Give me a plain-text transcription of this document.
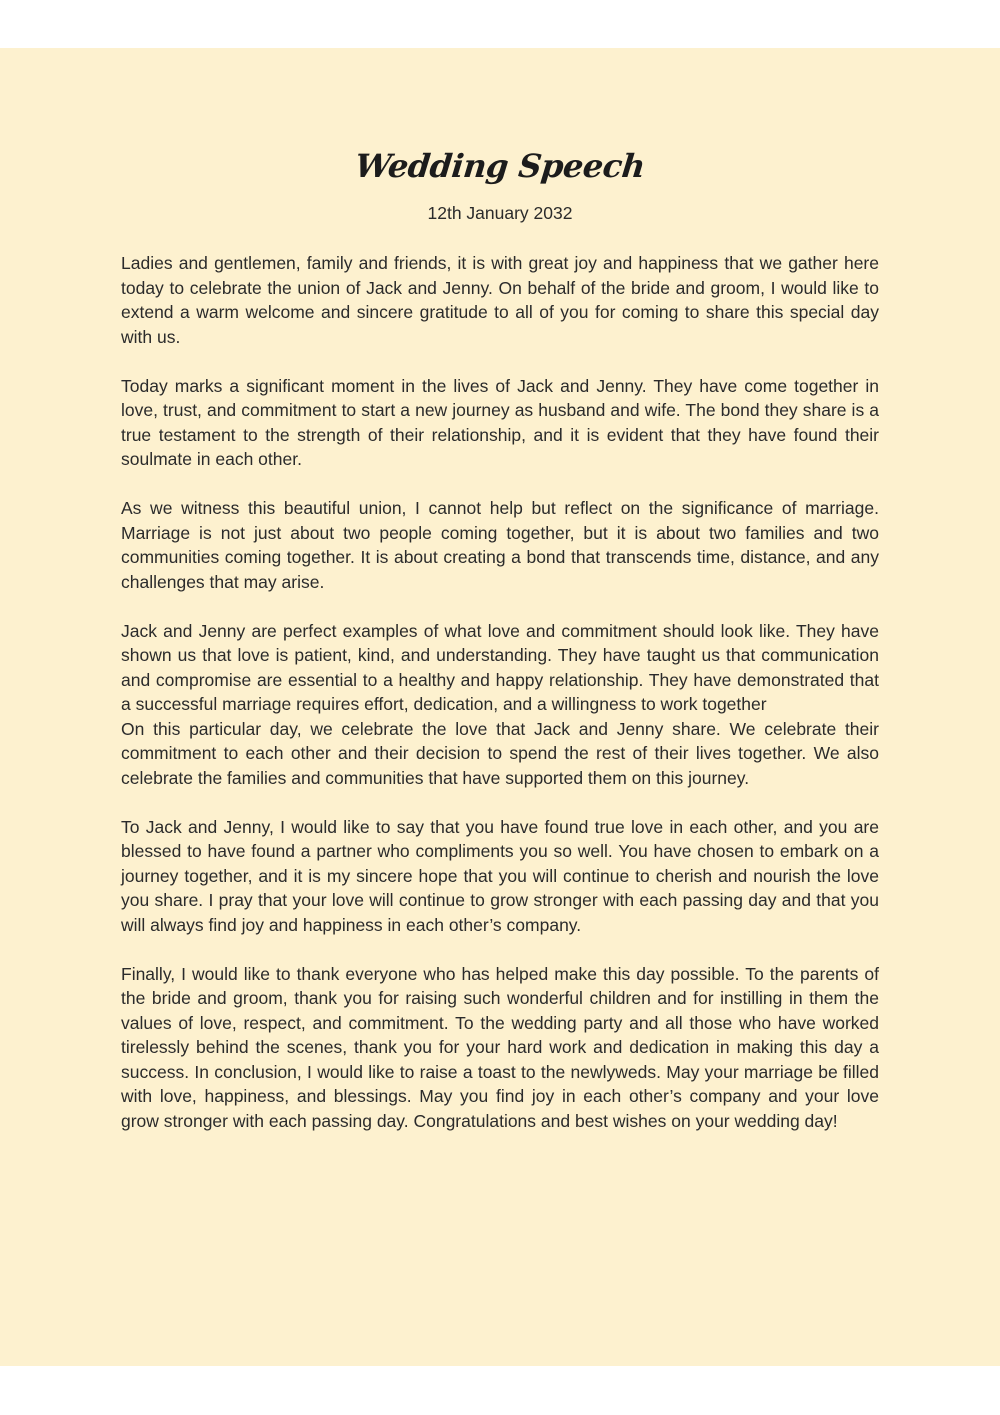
Wedding Speech
12th January 2032

Ladies and gentlemen, family and friends, it is with great joy and happiness that we gather here today to celebrate the union of Jack and Jenny. On behalf of the bride and groom, I would like to extend a warm welcome and sincere gratitude to all of you for coming to share this special day with us.

Today marks a significant moment in the lives of Jack and Jenny. They have come together in love, trust, and commitment to start a new journey as husband and wife. The bond they share is a true testament to the strength of their relationship, and it is evident that they have found their soulmate in each other.

As we witness this beautiful union, I cannot help but reflect on the significance of marriage. Marriage is not just about two people coming together, but it is about two families and two communities coming together. It is about creating a bond that transcends time, distance, and any challenges that may arise.

Jack and Jenny are perfect examples of what love and commitment should look like. They have shown us that love is patient, kind, and understanding. They have taught us that communication and compromise are essential to a healthy and happy relationship. They have demonstrated that a successful marriage requires effort, dedication, and a willingness to work together

On this particular day, we celebrate the love that Jack and Jenny share. We celebrate their commitment to each other and their decision to spend the rest of their lives together. We also celebrate the families and communities that have supported them on this journey.

To Jack and Jenny, I would like to say that you have found true love in each other, and you are blessed to have found a partner who compliments you so well. You have chosen to embark on a journey together, and it is my sincere hope that you will continue to cherish and nourish the love you share. I pray that your love will continue to grow stronger with each passing day and that you will always find joy and happiness in each other’s company.

Finally, I would like to thank everyone who has helped make this day possible. To the parents of the bride and groom, thank you for raising such wonderful children and for instilling in them the values of love, respect, and commitment. To the wedding party and all those who have worked tirelessly behind the scenes, thank you for your hard work and dedication in making this day a success. In conclusion, I would like to raise a toast to the newlyweds. May your marriage be filled with love, happiness, and blessings. May you find joy in each other’s company and your love grow stronger with each passing day. Congratulations and best wishes on your wedding day!
